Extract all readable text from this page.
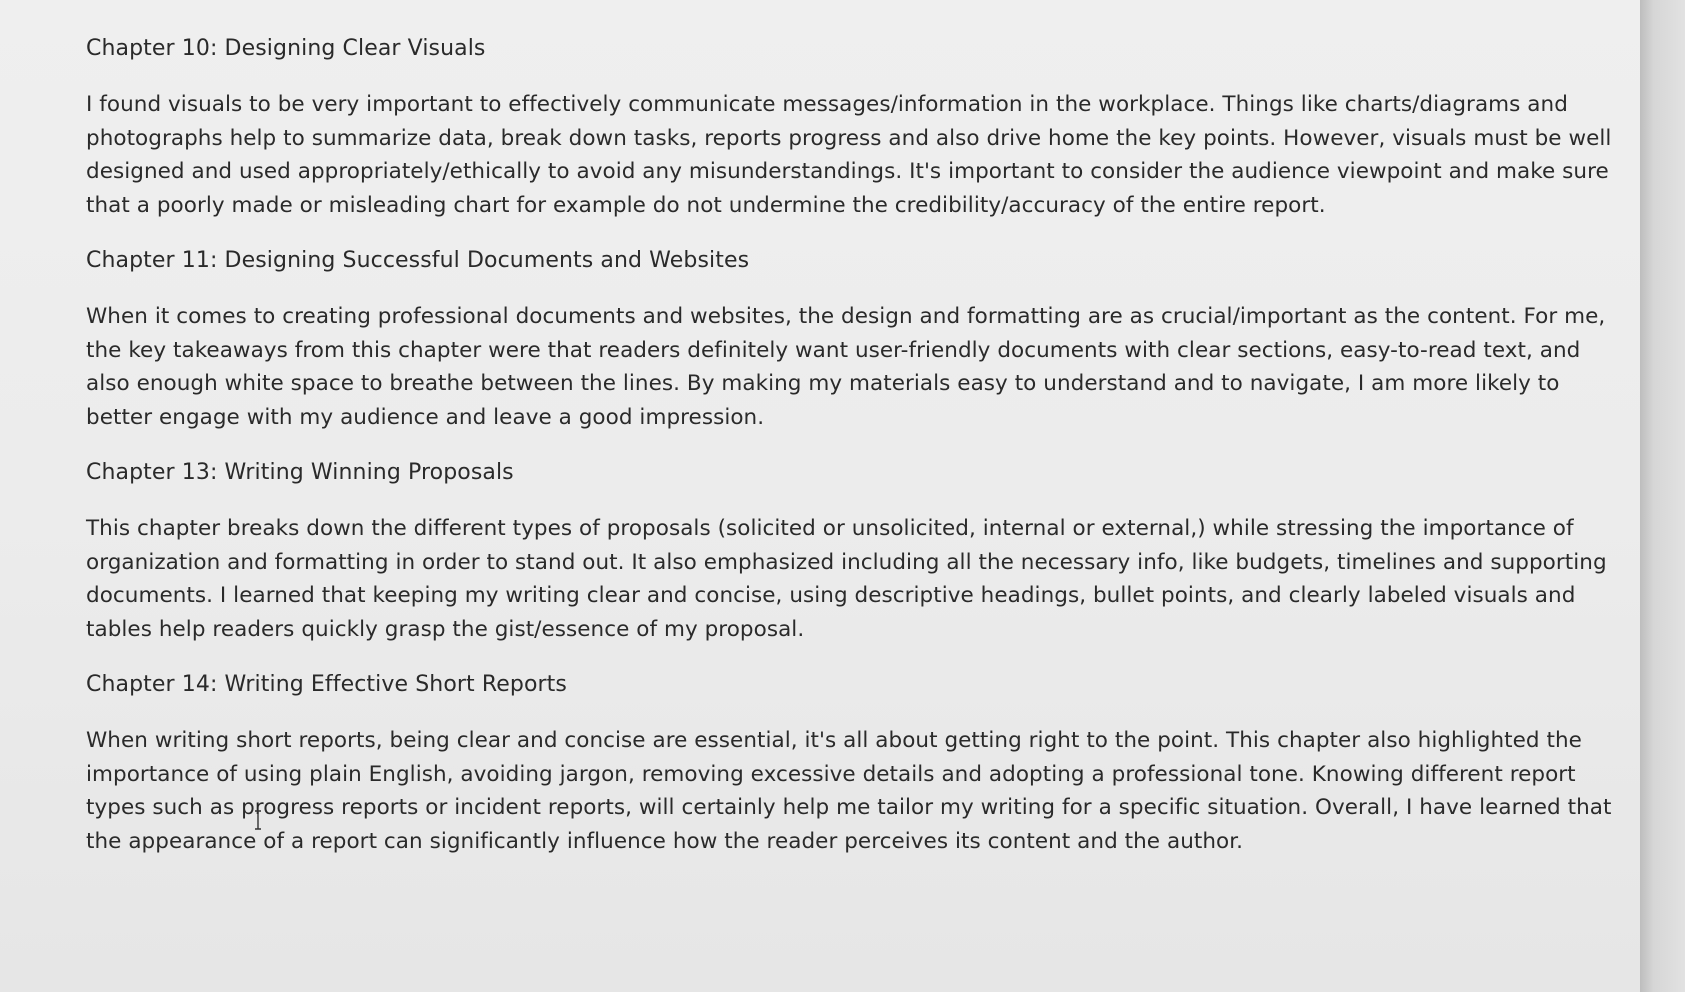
Chapter 10: Designing Clear Visuals

I found visuals to be very important to effectively communicate messages/information in the workplace. Things like charts/diagrams and photographs help to summarize data, break down tasks, reports progress and also drive home the key points. However, visuals must be well designed and used appropriately/ethically to avoid any misunderstandings. It's important to consider the audience viewpoint and make sure that a poorly made or misleading chart for example do not undermine the credibility/accuracy of the entire report.

Chapter 11: Designing Successful Documents and Websites

When it comes to creating professional documents and websites, the design and formatting are as crucial/important as the content. For me, the key takeaways from this chapter were that readers definitely want user-friendly documents with clear sections, easy-to-read text, and also enough white space to breathe between the lines. By making my materials easy to understand and to navigate, I am more likely to better engage with my audience and leave a good impression.

Chapter 13: Writing Winning Proposals

This chapter breaks down the different types of proposals (solicited or unsolicited, internal or external,) while stressing the importance of organization and formatting in order to stand out. It also emphasized including all the necessary info, like budgets, timelines and supporting documents. I learned that keeping my writing clear and concise, using descriptive headings, bullet points, and clearly labeled visuals and tables help readers quickly grasp the gist/essence of my proposal.

Chapter 14: Writing Effective Short Reports

When writing short reports, being clear and concise are essential, it's all about getting right to the point. This chapter also highlighted the importance of using plain English, avoiding jargon, removing excessive details and adopting a professional tone. Knowing different report types such as progress reports or incident reports, will certainly help me tailor my writing for a specific situation. Overall, I have learned that the appearance of a report can significantly influence how the reader perceives its content and the author.
